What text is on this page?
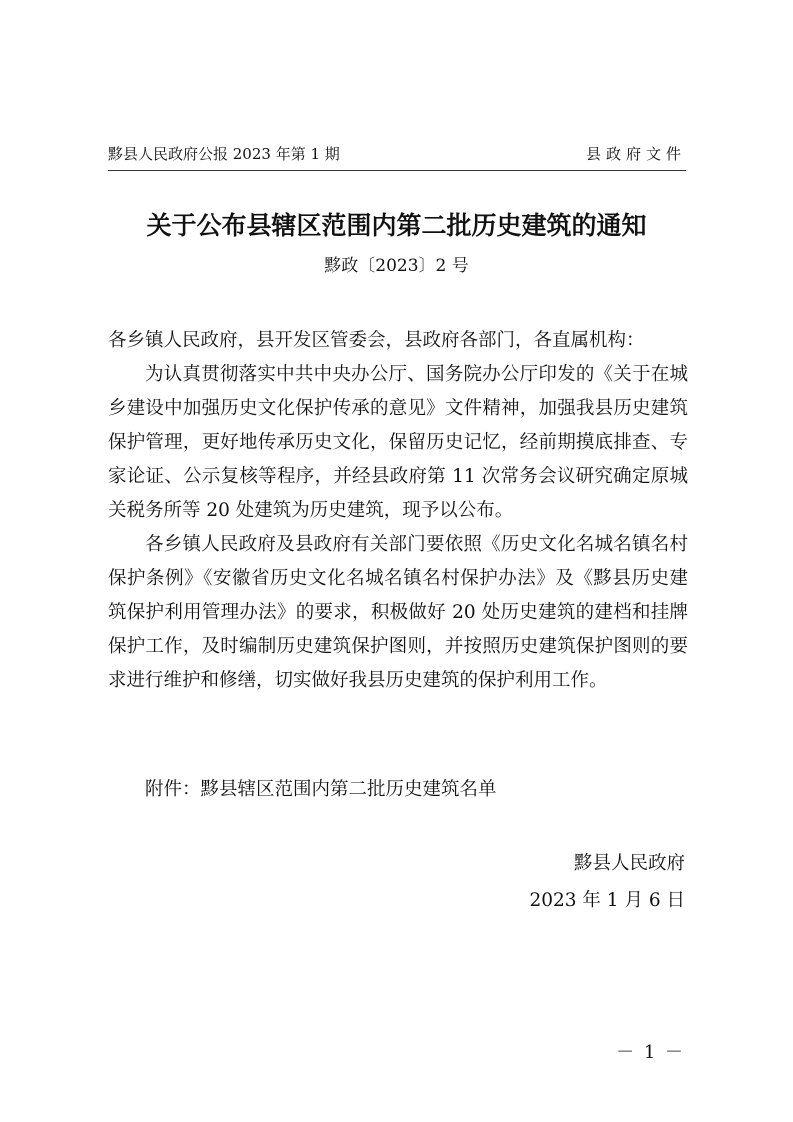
黟县人民政府公报 2023 年第 1 期	县政府文件
关于公布县辖区范围内第二批历史建筑的通知
黟政〔2023〕2 号

各乡镇人民政府，县开发区管委会，县政府各部门，各直属机构：

为认真贯彻落实中共中央办公厅、国务院办公厅印发的《关于在城乡建设中加强历史文化保护传承的意见》文件精神，加强我县历史建筑保护管理，更好地传承历史文化，保留历史记忆，经前期摸底排查、专家论证、公示复核等程序，并经县政府第 11 次常务会议研究确定原城关税务所等 20 处建筑为历史建筑，现予以公布。

各乡镇人民政府及县政府有关部门要依照《历史文化名城名镇名村保护条例》《安徽省历史文化名城名镇名村保护办法》及《黟县历史建筑保护利用管理办法》的要求，积极做好 20 处历史建筑的建档和挂牌保护工作，及时编制历史建筑保护图则，并按照历史建筑保护图则的要求进行维护和修缮，切实做好我县历史建筑的保护利用工作。

附件：黟县辖区范围内第二批历史建筑名单
黟县人民政府
2023 年 1 月 6 日
－ 1 －
